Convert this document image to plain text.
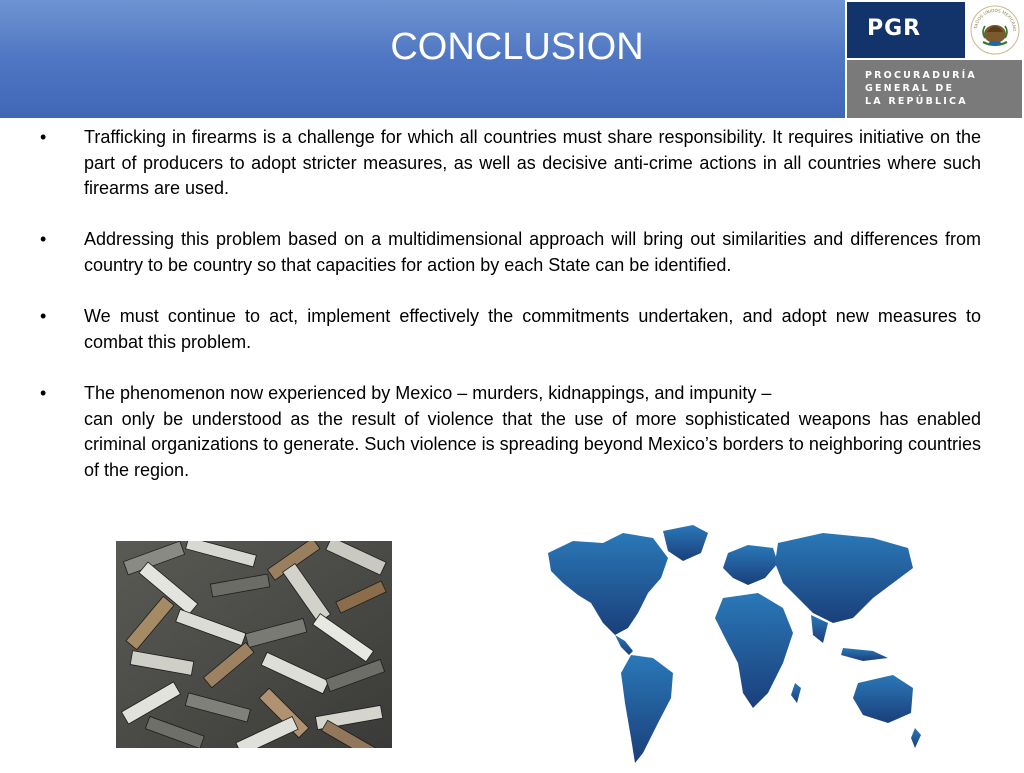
CONCLUSION	PGR	TADOS UNIDOS MEXICANO
PROCURADURÍA
GENERAL DE
LA REPÚBLICA
• Trafficking in firearms is a challenge for which all countries must share responsibility. It requires initiative on the part of producers to adopt stricter measures, as well as decisive anti-crime actions in all countries where such firearms are used.

• Addressing this problem based on a multidimensional approach will bring out similarities and differences from country to be country so that capacities for action by each State can be identified.

• We must continue to act, implement effectively the commitments undertaken, and adopt new measures to combat this problem.

• The phenomenon now experienced by Mexico – murders, kidnappings, and impunity –

can only be understood as the result of violence that the use of more sophisticated weapons has enabled criminal organizations to generate. Such violence is spreading beyond Mexico’s borders to neighboring countries of the region.
